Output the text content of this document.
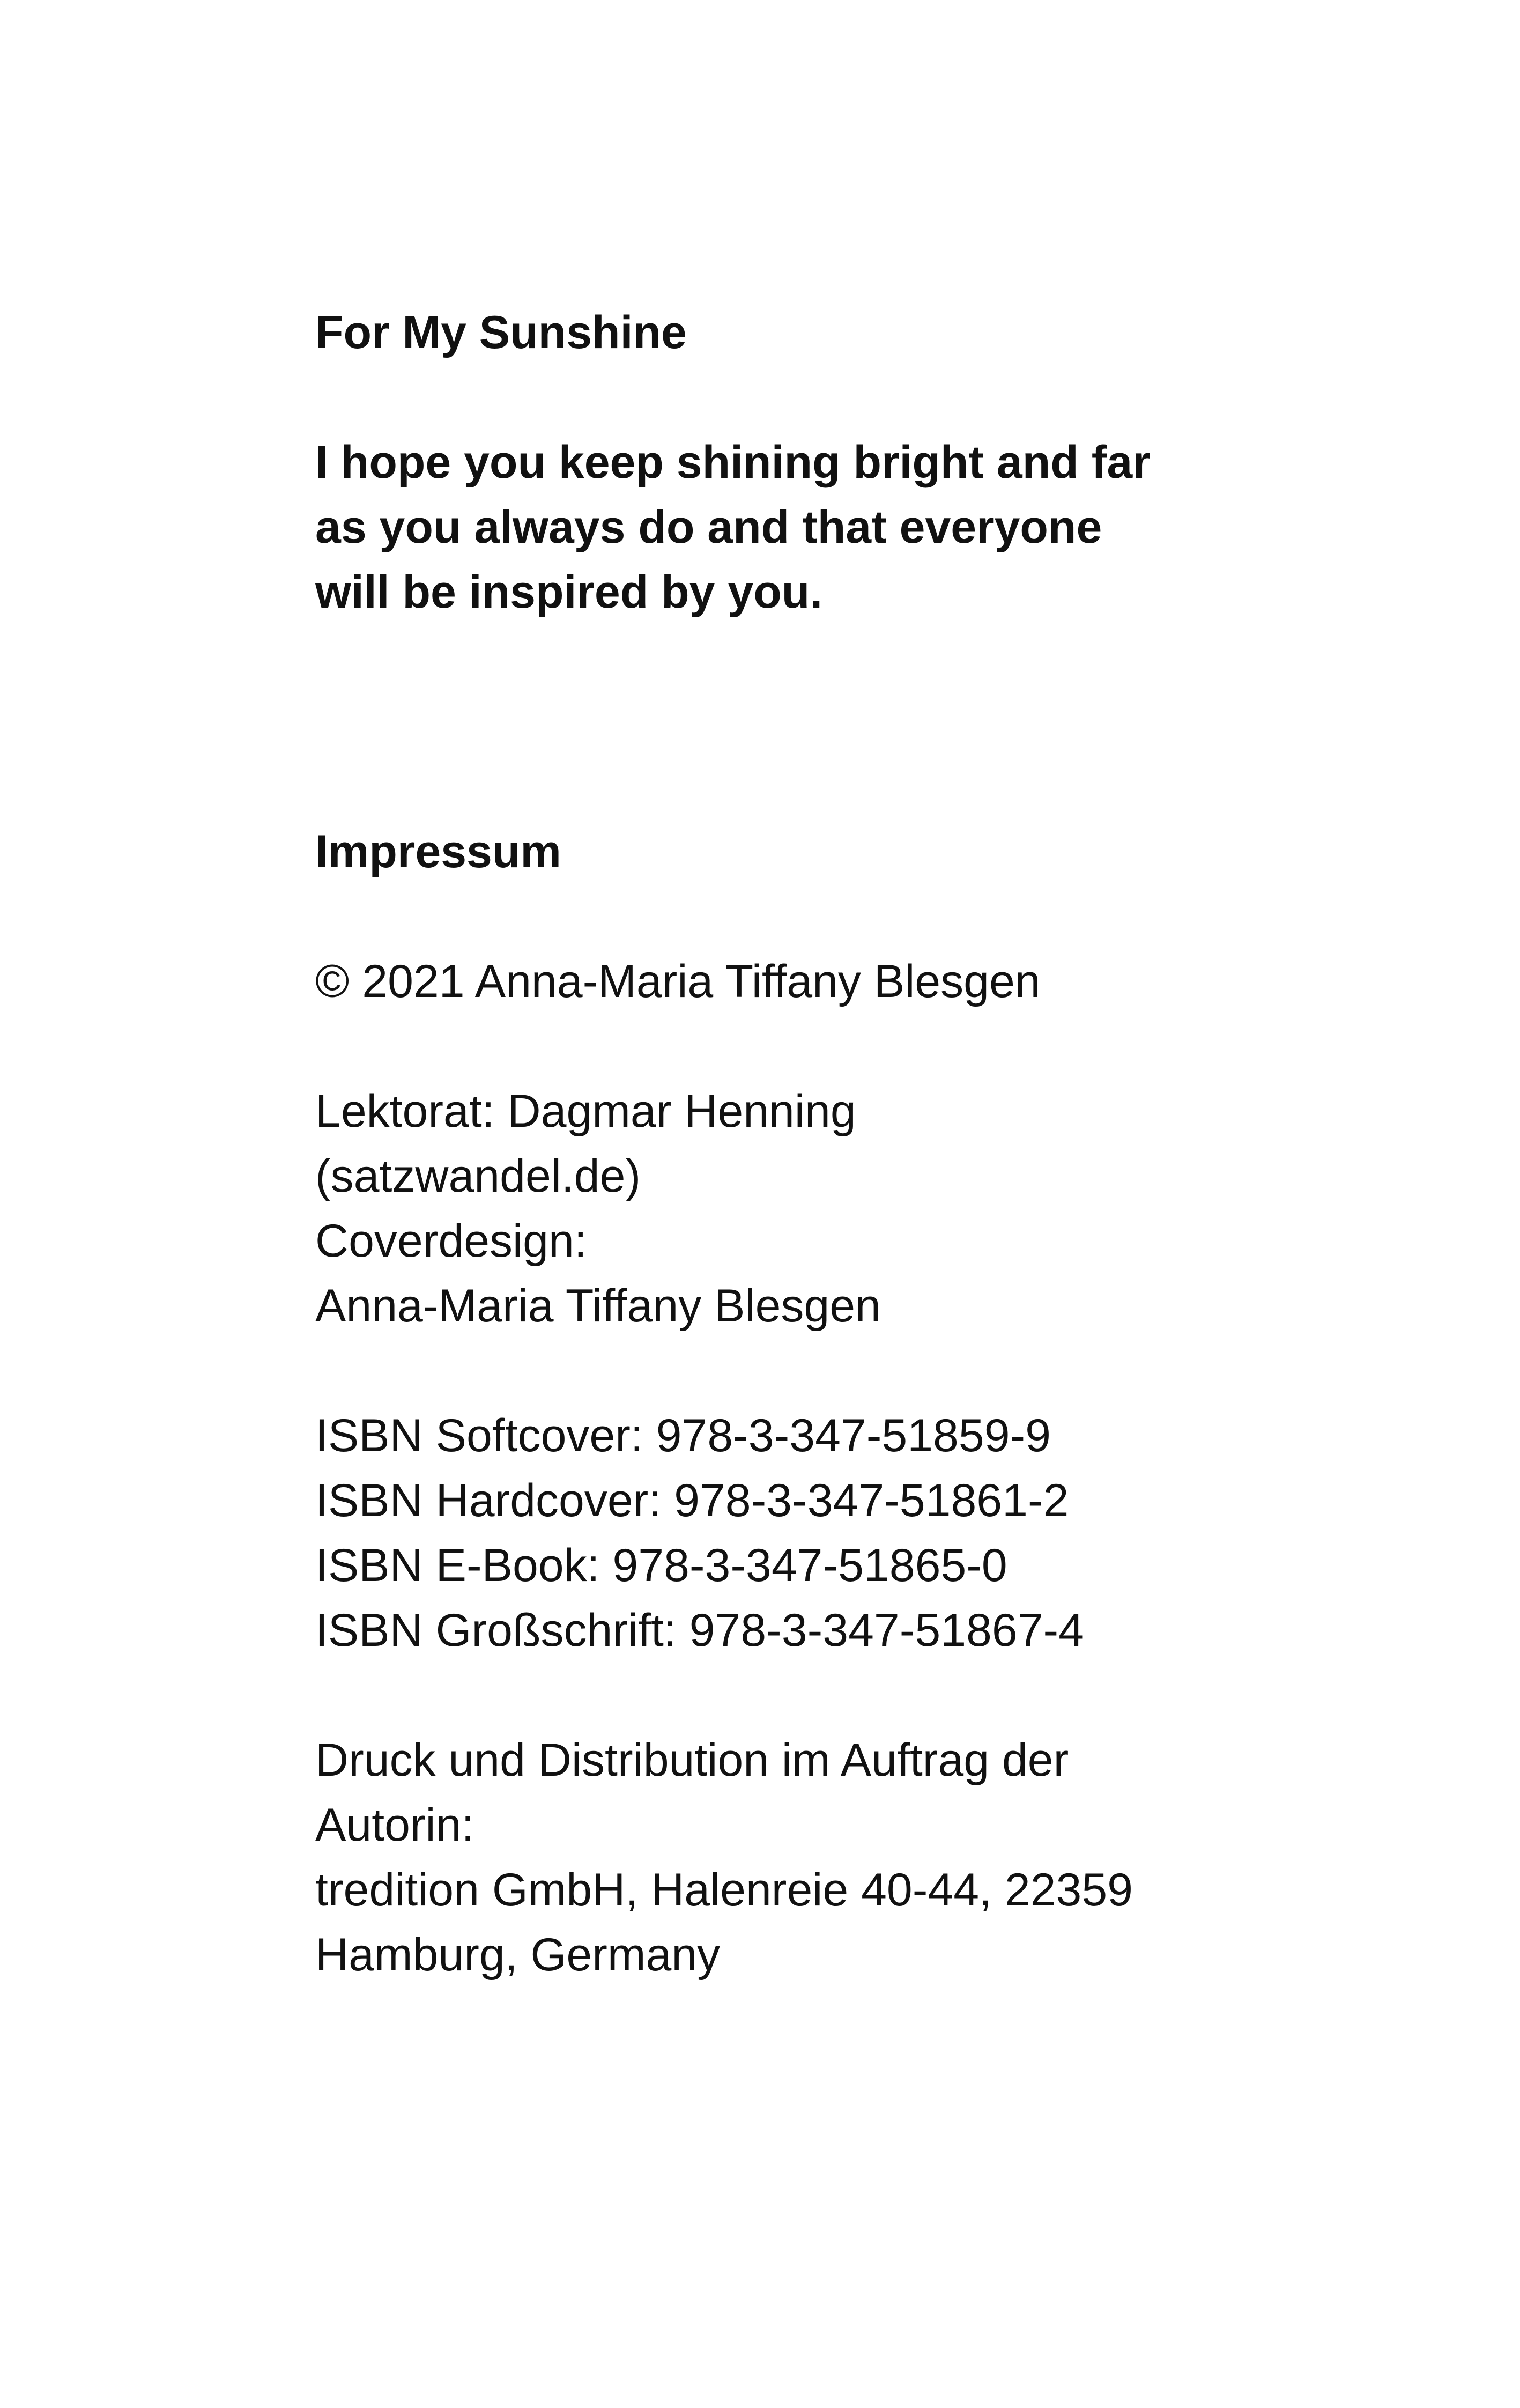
For My Sunshine
I hope you keep shining bright and far
as you always do and that everyone
will be inspired by you.
Impressum
© 2021 Anna-Maria Tiffany Blesgen
Lektorat: Dagmar Henning
(satzwandel.de)
Coverdesign:
Anna-Maria Tiffany Blesgen
ISBN Softcover: 978-3-347-51859-9
ISBN Hardcover: 978-3-347-51861-2
ISBN E-Book: 978-3-347-51865-0
ISBN Großschrift: 978-3-347-51867-4
Druck und Distribution im Auftrag der
Autorin:
tredition GmbH, Halenreie 40-44, 22359
Hamburg, Germany
